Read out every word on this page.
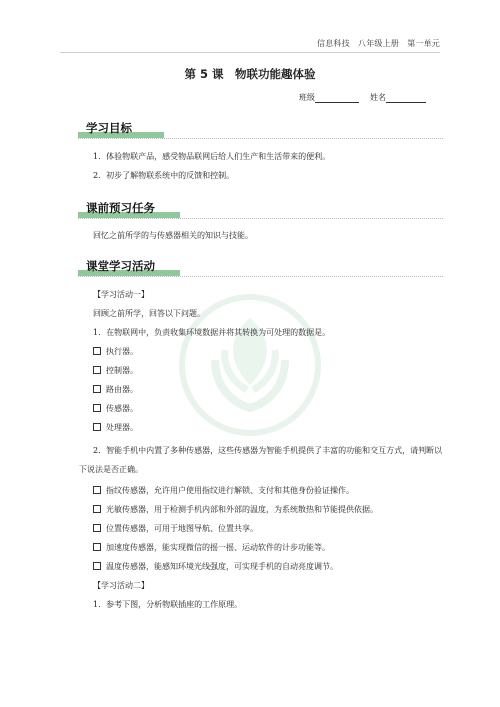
信息科技　八年级上册　第一单元
第 5 课　物联功能趣体验
班级	姓名
学习目标
1．体验物联产品，感受物品联网后给人们生产和生活带来的便利。
2．初步了解物联系统中的反馈和控制。
课前预习任务
回忆之前所学的与传感器相关的知识与技能。
课堂学习活动
【学习活动一】
回顾之前所学，回答以下问题。
1．在物联网中，负责收集环境数据并将其转换为可处理的数据是。
执行器。
控制器。
路由器。
传感器。
处理器。
2．智能手机中内置了多种传感器，这些传感器为智能手机提供了丰富的功能和交互方式，请判断以下说法是否正确。
指纹传感器，允许用户使用指纹进行解锁、支付和其他身份验证操作。
光敏传感器，用于检测手机内部和外部的温度，为系统散热和节能提供依据。
位置传感器，可用于地图导航、位置共享。
加速度传感器，能实现微信的摇一摇、运动软件的计步功能等。
温度传感器，能感知环境光线强度，可实现手机的自动亮度调节。
【学习活动二】
1．参考下图，分析物联插座的工作原理。
